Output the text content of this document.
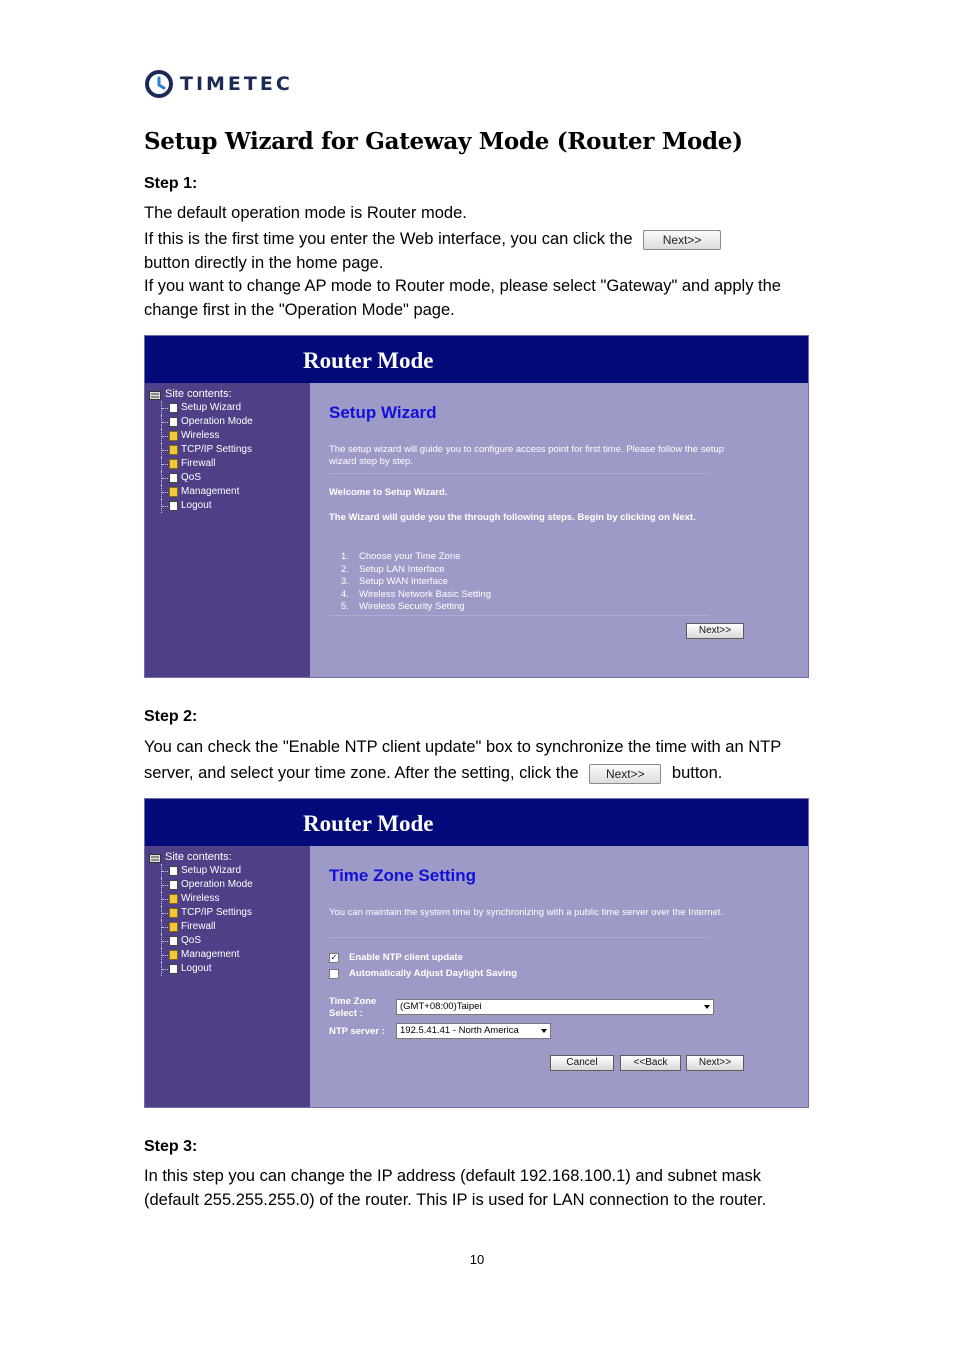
TIMETEC
Setup Wizard for Gateway Mode (Router Mode)

Step 1:

The default operation mode is Router mode.

If this is the first time you enter the Web interface, you can click the	Next>>
button directly in the home page.

If you want to change AP mode to Router mode, please select "Gateway" and apply the change first in the "Operation Mode" page.

Router Mode
Site contents:
Setup Wizard
Operation Mode
Wireless
TCP/IP Settings
Firewall
QoS
Management
Logout
Setup Wizard

The setup wizard will guide you to configure access point for first time. Please follow the setup wizard step by step.

Welcome to Setup Wizard.

The Wizard will guide you the through following steps. Begin by clicking on Next.

1. Choose your Time Zone
2. Setup LAN Interface
3. Setup WAN Interface
4. Wireless Network Basic Setting
5. Wireless Security Setting
Next>>

Step 2:

You can check the "Enable NTP client update" box to synchronize the time with an NTP server, and select your time zone. After the setting, click the Next>> button.

Router Mode
Site contents:
Setup Wizard
Operation Mode
Wireless
TCP/IP Settings
Firewall
QoS
Management
Logout
Time Zone Setting

You can maintain the system time by synchronizing with a public time server over the Internet.

✓ Enable NTP client update
Automatically Adjust Daylight Saving
Time Zone Select :
(GMT+08:00)Taipei
NTP server :	192.5.41.41 - North America
Cancel	<<Back	Next>>

Step 3:

In this step you can change the IP address (default 192.168.100.1) and subnet mask (default 255.255.255.0) of the router. This IP is used for LAN connection to the router.

10
